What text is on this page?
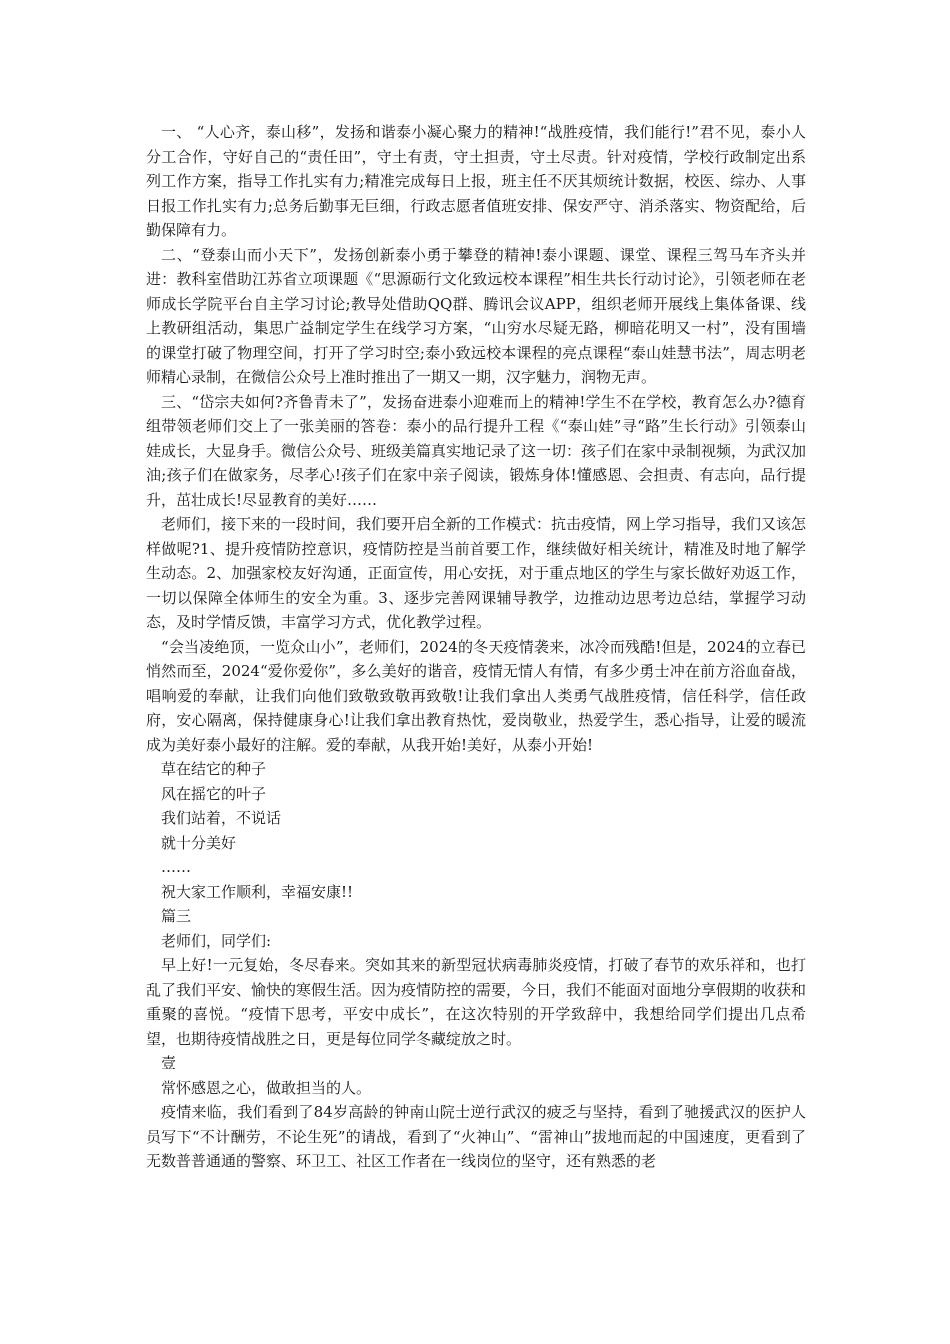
一、 “人心齐，泰山移”，发扬和谐泰小凝心聚力的精神!“战胜疫情，我们能行!”君不见，泰小人分工合作，守好自己的“责任田”，守土有责，守土担责，守土尽责。针对疫情，学校行政制定出系列工作方案，指导工作扎实有力;精准完成每日上报，班主任不厌其烦统计数据，校医、综办、人事日报工作扎实有力;总务后勤事无巨细，行政志愿者值班安排、保安严守、消杀落实、物资配给，后勤保障有力。

二、“登泰山而小天下”，发扬创新泰小勇于攀登的精神!泰小课题、课堂、课程三驾马车齐头并进：教科室借助江苏省立项课题《“思源砺行文化致远校本课程”相生共长行动讨论》，引领老师在老师成长学院平台自主学习讨论;教导处借助QQ群、腾讯会议APP，组织老师开展线上集体备课、线上教研组活动，集思广益制定学生在线学习方案，“山穷水尽疑无路，柳暗花明又一村”，没有围墙的课堂打破了物理空间，打开了学习时空;泰小致远校本课程的亮点课程“泰山娃慧书法”，周志明老师精心录制，在微信公众号上准时推出了一期又一期，汉字魅力，润物无声。

三、“岱宗夫如何?齐鲁青未了”，发扬奋进泰小迎难而上的精神!学生不在学校，教育怎么办?德育组带领老师们交上了一张美丽的答卷：泰小的品行提升工程《“泰山娃”寻“路”生长行动》引领泰山娃成长，大显身手。微信公众号、班级美篇真实地记录了这一切：孩子们在家中录制视频，为武汉加油;孩子们在做家务，尽孝心!孩子们在家中亲子阅读，锻炼身体!懂感恩、会担责、有志向，品行提升，茁壮成长!尽显教育的美好……

老师们，接下来的一段时间，我们要开启全新的工作模式：抗击疫情，网上学习指导，我们又该怎样做呢?1、提升疫情防控意识，疫情防控是当前首要工作，继续做好相关统计，精准及时地了解学生动态。2、加强家校友好沟通，正面宣传，用心安抚，对于重点地区的学生与家长做好劝返工作，一切以保障全体师生的安全为重。3、逐步完善网课辅导教学，边推动边思考边总结，掌握学习动态，及时学情反馈，丰富学习方式，优化教学过程。

“会当凌绝顶，一览众山小”，老师们，2024的冬天疫情袭来，冰冷而残酷!但是，2024的立春已悄然而至，2024“爱你爱你”，多么美好的谐音，疫情无情人有情，有多少勇士冲在前方浴血奋战，唱响爱的奉献，让我们向他们致敬致敬再致敬!让我们拿出人类勇气战胜疫情，信任科学，信任政府，安心隔离，保持健康身心!让我们拿出教育热忱，爱岗敬业，热爱学生，悉心指导，让爱的暖流成为美好泰小最好的注解。爱的奉献，从我开始!美好，从泰小开始!

草在结它的种子

风在摇它的叶子

我们站着，不说话

就十分美好

……

祝大家工作顺利，幸福安康!!

篇三

老师们，同学们:

早上好!一元复始，冬尽春来。突如其来的新型冠状病毒肺炎疫情，打破了春节的欢乐祥和，也打乱了我们平安、愉快的寒假生活。因为疫情防控的需要，今日，我们不能面对面地分享假期的收获和重聚的喜悦。“疫情下思考，平安中成长”，在这次特别的开学致辞中，我想给同学们提出几点希望，也期待疫情战胜之日，更是每位同学冬藏绽放之时。

壹

常怀感恩之心，做敢担当的人。

疫情来临，我们看到了84岁高龄的钟南山院士逆行武汉的疲乏与坚持，看到了驰援武汉的医护人员写下“不计酬劳，不论生死”的请战，看到了“火神山”、“雷神山”拔地而起的中国速度，更看到了无数普普通通的警察、环卫工、社区工作者在一线岗位的坚守，还有熟悉的老
